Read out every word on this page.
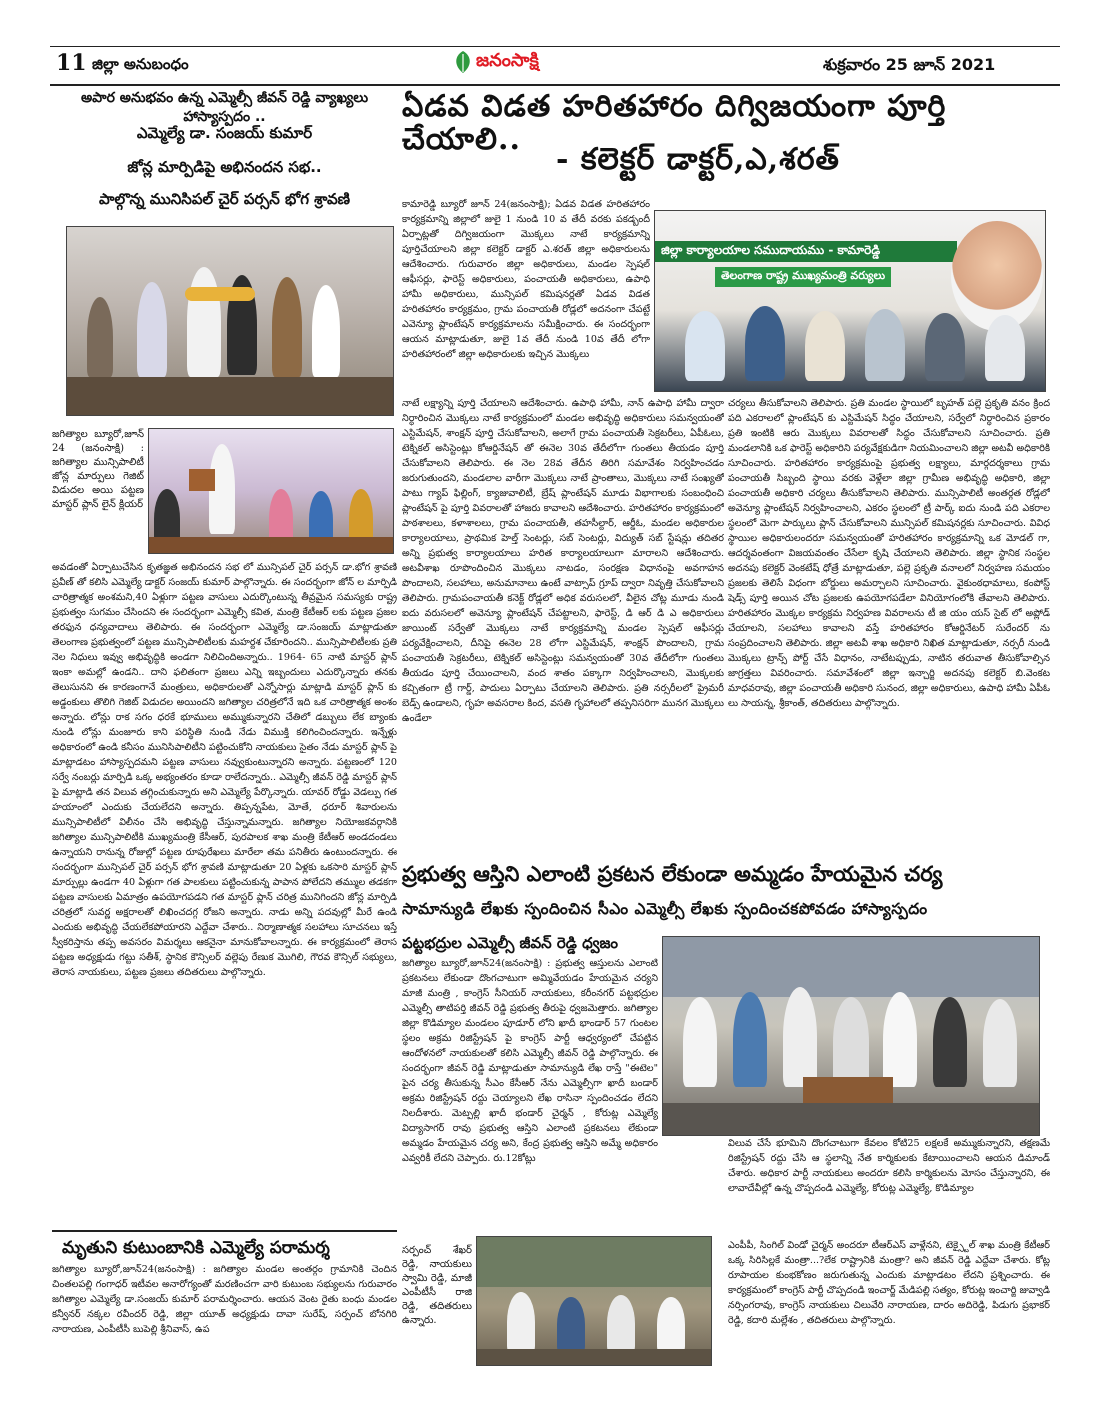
11 జిల్లా అనుబంధం	జనంసాక్షి	శుక్రవారం 25 జూన్ 2021
అపార అనుభవం ఉన్న ఎమ్మెల్సీ జీవన్ రెడ్డి వ్యాఖ్యలు హాస్యాస్పదం ..
ఎమ్మెల్యే డా. సంజయ్ కుమార్
జోన్ల మార్పిడిపై అభినందన సభ..
పాల్గొన్న మునిసిపల్ చైర్ పర్సన్ భోగ శ్రావణి
జగిత్యాల బ్యూరో,జూన్ 24 (జనంసాక్షి) : జగిత్యాల మున్సిపాలిటీ జోన్ల మార్పులు గెజిట్ విడుదల అయి పట్టణ మాస్టర్ ప్లాన్ లైన్ క్లియర్
అవడంతో ఏర్పాటుచేసిన కృతజ్ఞత అభినందన సభ లో మున్సిపల్ చైర్ పర్సన్ డా.భోగ శ్రావణి ప్రవీణ్ తో కలిసి ఎమ్మెల్యే డాక్టర్ సంజయ్ కుమార్ పాల్గొన్నారు. ఈ సందర్భంగా జోన్ ల మార్పిడి చారిత్రాత్మక అంశమని,40 ఏళ్లుగా పట్టణ వాసులు ఎదుర్కొంటున్న తీవ్రమైన సమస్యకు రాష్ట్ర ప్రభుత్వం సుగమం చేసిందని ఈ సందర్భంగా ఎమ్మెల్సీ కవిత, మంత్రి కేటీఆర్ లకు పట్టణ ప్రజల తరఫున ధన్యవాదాలు తెలిపారు. ఈ సందర్భంగా ఎమ్మెల్యే డా.సంజయ్ మాట్లాడుతూ తెలంగాణ ప్రభుత్వంలో పట్టణ మున్సిపాలిటీలకు మహర్దశ చేకూరిందని.. మున్సిపాలిటీలకు ప్రతి నెల నిధులు ఇవ్వు అభివృద్ధికి అండగా నిలిచిందిఅన్నారు.. 1964- 65 నాటి మాస్టర్ ప్లాన్ ఇంకా అమల్లో ఉండని.. దాని ఫలితంగా ప్రజలు ఎన్ని ఇబ్బందులు ఎదుర్కొన్నారు తనకు తెలుసునని ఈ కారణంగానే మంత్రులు, అధికారులతో ఎన్నోసార్లు మాట్లాడి మాస్టర్ ప్లాన్ కు అడ్డంకులు తొలిగి గెజిట్ విడుదల అయిందని జగిత్యాల చరిత్రలోనే ఇది ఒక చారిత్రాత్మక అంశం అన్నారు. లోన్లు రాక సగం ధరకే భూములు అమ్ముకున్నారని చేతిలో డబ్బులు లేక బ్యాంకు నుండి లోన్లు మంజూరు కాని పరిస్థితి నుండి నేడు విముక్తి కలిగించిందన్నారు. ఇన్నేళ్లు అధికారంలో ఉండి కనీసం మునిసిపాలిటీని పట్టించుకోని నాయకులు సైతం నేడు మాస్టర్ ప్లాన్ పై మాట్లాడటం హాస్యాస్పదమని పట్టణ వాసులు నవ్వుకుంటున్నారని అన్నారు. పట్టణంలో 120 సర్వే నంబర్లు మార్పిడి ఒక్క అభ్యంతరం కూడా రాలేదన్నారు.. ఎమ్మెల్సీ జీవన్ రెడ్డి మాస్టర్ ప్లాన్ పై మాట్లాడి తన విలువ తగ్గించుకున్నారు అని ఎమ్మెల్యే పేర్కొన్నారు. యావర్ రోడ్డు వెడల్పు గత హయాంలో ఎందుకు చేయలేదని అన్నారు. తిప్పన్నపేట, మోతే, ధరూర్ శివారులను మున్సిపాలిటీలో విలీనం చేసి అభివృద్ధి చేస్తున్నామన్నారు. జగిత్యాల నియోజకవర్గానికి జగిత్యాల మున్సిపాలిటీకి ముఖ్యమంత్రి కేసీఆర్, పురపాలక శాఖ మంత్రి కేటీఆర్ అండదండలు ఉన్నాయని రానున్న రోజుల్లో పట్టణ రూపురేఖలు మారేలా తమ పనితీరు ఉంటుందన్నారు. ఈ సందర్భంగా మున్సిపల్ చైర్ పర్సన్ భోగ శ్రావణి మాట్లాడుతూ 20 ఏళ్లకు ఒకసారి మాస్టర్ ప్లాన్ మార్పుల్లు ఉండగా 40 ఏళ్లుగా గత పాలకులు పట్టించుకున్న పాపాన పోలేదని తమ్ముల తడకగా పట్టణ వాసులకు ఏమాత్రం ఉపయోగపడని గత మాస్టర్ ప్లాన్ చరిత్ర మునిగిందని జోన్ల మార్పిడి చరిత్రలో సువర్ణ అక్షరాలతో లిఖించదగ్గ రోజని అన్నారు. నాడు అన్ని పదవుల్లో మీరే ఉండి ఎందుకు అభివృద్ధి చేయలేకపోయారని ఎద్దేవా చేశారు.. నిర్మాణాత్మక సలహాలు సూచనలు ఇస్తే స్వీకరిస్తాను తప్ప అవసరం విమర్శలు ఆకనైనా మానుకోవాలన్నారు. ఈ కార్యక్రమంలో తెరాస పట్టణ అధ్యక్షుడు గట్టు సతీశ్, స్థానిక కౌన్సిలర్ వల్లెపు రేణుక మొగిలి, గౌరవ కౌన్సిల్ సభ్యులు, తెరాస నాయకులు, పట్టణ ప్రజలు తదితరులు పాల్గొన్నారు.
ఏడవ విడత హరితహారం దిగ్విజయంగా పూర్తి చేయాలి..
- కలెక్టర్ డాక్టర్,ఎ,శరత్
కామారెడ్డి బ్యూరో జూన్ 24(జనంసాక్షి); ఏడవ విడత హరితహారం కార్యక్రమాన్ని జిల్లాలో జులై 1 నుండి 10 వ తేదీ వరకు పకడ్బందీ ఏర్పాట్లతో దిగ్విజయంగా మొక్కలు నాటే కార్యక్రమాన్ని పూర్తిచేయాలని జిల్లా కలెక్టర్ డాక్టర్ ఎ.శరత్ జిల్లా అధికారులను ఆదేశించారు. గురువారం జిల్లా అధికారులు, మండల స్పెషల్ ఆఫీసర్లు, ఫారెస్ట్ అధికారులు, పంచాయతీ అధికారులు, ఉపాధి హామీ అధికారులు, మున్సిపల్ కమిషనర్లతో ఏడవ విడత హరితహారం కార్యక్రమం, గ్రామ పంచాయతీ రోడ్లలో అదనంగా చేపట్టే ఎవెన్యూ ప్లాంటేషన్ కార్యక్రమాలను సమీక్షించారు. ఈ సందర్భంగా ఆయన మాట్లాడుతూ, జులై 1వ తేదీ నుండి 10వ తేదీ లోగా హరితహారంలో జిల్లా అధికారులకు ఇచ్చిన మొక్కలు
జిల్లా కార్యాలయాల సముదాయము - కామారెడ్డి
తెలంగాణ రాష్ట్ర ముఖ్యమంత్రి వర్యులు
నాటే లక్ష్యాన్ని పూర్తి చేయాలని ఆదేశించారు. ఉపాధి హామీ, నాన్ ఉపాధి హామీ ద్వారా నిర్ధారించిన మొక్కలు నాటే కార్యక్రమంలో మండల అభివృద్ధి అధికారులు సమన్వయంతో ఎస్టిమేషన్, శాంక్షన్ పూర్తి చేసుకోవాలని, అలాగే గ్రామ పంచాయతీ సెక్రటరీలు, ఏపీఓలు, టెక్నికల్ అసిస్టెంట్లు కోఆర్డినేషన్ తో ఈనెల 30వ తేదీలోగా గుంతలు తీయడం పూర్తి చేసుకోవాలని తెలిపారు. ఈ నెల 28వ తేదీన తిరిగి సమావేశం నిర్వహించడం జరుగుతుందని, మండలాల వారీగా మొక్కలు నాటే ప్రాంతాలు, మొక్కలు నాటే సంఖ్యతో పాటు గ్యాప్ ఫిల్లింగ్, క్యాజువాలిటీ, బ్రేష్ ప్లాంటేషన్ మూడు విభాగాలకు సంబంధించి ప్లాంటేషన్ పై పూర్తి వివరాలతో హాజరు కావాలని ఆదేశించారు. హరితహారం కార్యక్రమంలో పాఠశాలలు, కళాశాలలు, గ్రామ పంచాయతీ, తహసీల్దార్, ఆర్డీఓ, మండల అధికారుల కార్యాలయాలు, ప్రాథమిక హెల్త్ సెంటర్లు, సబ్ సెంటర్లు, విద్యుత్ సబ్ స్టేషన్లు తదితర అన్ని ప్రభుత్వ కార్యాలయాలు హరిత కార్యాలయాలుగా మారాలని ఆదేశించారు. అటవీశాఖ రూపొందించిన మొక్కలు నాటడం, సంరక్షణ విధానంపై అవగాహన పొందాలని, సలహాలు, అనుమానాలు ఉంటే వాట్సాప్ గ్రూప్ ద్వారా నివృత్తి చేసుకోవాలని తెలిపారు. గ్రామపంచాయతీ కనెక్ట్ రోడ్లలో అధిక వరుసలలో, వీలైన చోట్ల మూడు నుండి ఐదు వరుసలలో అవెన్యూ ప్లాంటేషన్ చేపట్టాలని, ఫారెస్ట్, డి ఆర్ డి ఎ అధికారులు జాయింట్ సర్వేతో మొక్కలు నాటే కార్యక్రమాన్ని మండల స్పెషల్ ఆఫీసర్లు పర్యవేక్షించాలని, దీనిపై ఈనెల 28 లోగా ఎస్టిమేషన్, శాంక్షన్ పొందాలని, గ్రామ పంచాయతీ సెక్రటరీలు, టెక్నికల్ అసిస్టెంట్లు సమన్వయంతో 30వ తేదీలోగా గుంతలు తీయడం పూర్తి చేయించాలని, వంద శాతం పక్కాగా నిర్వహించాలని, మొక్కలకు కచ్చితంగా ట్రీ గార్డ్, పాదులు ఏర్పాటు చేయాలని తెలిపారు. ప్రతి నర్సరీలలో ప్రైమరీ బెడ్స్ ఉండాలని, గృహ అవసరాల కింద, వసతి గృహాలలో తప్పనిసరిగా మునగ మొక్కలు ఉండేలా
చర్యలు తీసుకోవాలని తెలిపారు. ప్రతి మండల స్థాయిలో బృహత్ పల్లె ప్రకృతి వనం క్రింద పది ఎకరాలలో ప్లాంటేషన్ కు ఎస్టిమేషన్ సిద్ధం చేయాలని, సర్వేలో నిర్ధారించిన ప్రకారం ప్రతి ఇంటికి ఆరు మొక్కలు వివరాలతో సిద్ధం చేసుకోవాలని సూచించారు. ప్రతి మండలానికి ఒక ఫారెస్ట్ అధికారిని పర్యవేక్షకుడిగా నియమించాలని జిల్లా అటవీ అధికారికి సూచించారు. హరితహారం కార్యక్రమంపై ప్రభుత్వ లక్ష్యాలు, మార్గదర్శకాలు గ్రామ పంచాయతీ సిబ్బంది స్థాయి వరకు వెళ్లేలా జిల్లా గ్రామీణ అభివృద్ధి అధికారి, జిల్లా పంచాయతీ అధికారి చర్యలు తీసుకోవాలని తెలిపారు. మున్సిపాలిటీ అంతర్గత రోడ్లలో అవెన్యూ ప్లాంటేషన్ నిర్వహించాలని, ఎకరం స్థలంలో ట్రీ పార్క్ ఐదు నుండి పది ఎకరాల స్థలంలో మెగా పార్కులు ప్లాన్ చేసుకోవాలని మున్సిపల్ కమిషనర్లకు సూచించారు. వివిధ స్థాయిల అధికారులందరూ సమన్వయంతో హరితహారం కార్యక్రమాన్ని ఒక మోడల్ గా, ఆదర్శవంతంగా విజయవంతం చేసేలా కృషి చేయాలని తెలిపారు. జిల్లా స్థానిక సంస్థల అదనపు కలెక్టర్ వెంకటేష్ ధోత్రే మాట్లాడుతూ, పల్లె ప్రకృతి వనాలలో నిర్వహణ సమయం ప్రజలకు తెలిసే విధంగా బోర్డులు అమర్చాలని సూచించారు. వైకుంఠధామాలు, కంపోస్ట్ షెడ్స్ పూర్తి అయిన చోట ప్రజలకు ఉపయోగపడేలా వినియోగంలోకి తేవాలని తెలిపారు. హరితహారం మొక్కల కార్యక్రమ నిర్వహణ వివరాలను టీ జి యం యస్ సైట్ లో అప్లోడ్ చేయాలని, సలహాలు కావాలని వస్తే హరితహారం కోఆర్డినేటర్ సురేందర్ ను సంప్రదించాలని తెలిపారు. జిల్లా అటవీ శాఖ అధికారి నిఖిత మాట్లాడుతూ, నర్సరీ నుండి మొక్కలు ట్రాన్స్ పోర్ట్ చేసే విధానం, నాటేటప్పుడు, నాటిన తరువాత తీసుకోవాల్సిన జాగ్రత్తలు వివరించారు. సమావేశంలో జిల్లా ఇన్చార్జి అదనపు కలెక్టర్ బి.వెంకట మాధవరావు, జిల్లా పంచాయతీ అధికారి సునంద, జిల్లా అధికారులు, ఉపాధి హామీ ఏపీఓ లు సాయన్న, శ్రీకాంత్, తదితరులు పాల్గొన్నారు.
ప్రభుత్వ ఆస్తిని ఎలాంటి ప్రకటన లేకుండా అమ్మడం హేయమైన చర్య
సామాన్యుడి లేఖకు స్పందించిన సీఎం ఎమ్మెల్సీ లేఖకు స్పందించకపోవడం హాస్యాస్పదం
పట్టభద్రుల ఎమ్మెల్సీ జీవన్ రెడ్డి ధ్వజం
జగిత్యాల బ్యూరో,జూన్24(జనంసాక్షి) : ప్రభుత్వ ఆస్తులను ఎలాంటి ప్రకటనలు లేకుండా దొంగచాటుగా అమ్మివేయడం హేయమైన చర్యని మాజీ మంత్రి , కాంగ్రెస్ సీనియర్ నాయకులు, కరీంనగర్ పట్టభద్రుల ఎమ్మెల్సీ తాటిపర్తి జీవన్ రెడ్డి ప్రభుత్వ తీరుపై ధ్వజమెత్తారు. జగిత్యాల జిల్లా కొడిమ్యాల మండలం పూడూర్ లోని ఖాదీ భాండార్ 57 గుంటల స్థలం అక్రమ రిజిస్ట్రేషన్ పై కాంగ్రెస్ పార్టీ ఆధ్వర్యంలో చేపట్టిన ఆందోళనలో నాయకులతో కలిసి ఎమ్మెల్సీ జీవన్ రెడ్డి పాల్గొన్నారు. ఈ సందర్భంగా జీవన్ రెడ్డి మాట్లాడుతూ సామాన్యుడి లేఖ రాస్తే "ఈటెల" పైన చర్య తీసుకున్న సీఎం కేసీఆర్ నేను ఎమ్మెల్సీగా ఖాదీ బండార్ అక్రమ రిజిస్ట్రేషన్ రద్దు చెయ్యాలని లేఖ రాసినా స్పందించడం లేదని నిలదీశారు. మెట్పల్లి ఖాదీ భండార్ చైర్మన్ , కోరుట్ల ఎమ్మెల్యే విద్యాసాగర్ రావు ప్రభుత్వ ఆస్తిని ఎలాంటి ప్రకటనలు లేకుండా అమ్మడం హేయమైన చర్య అని, కేంద్ర ప్రభుత్వ ఆస్తిని అమ్మే అధికారం ఎవ్వరికీ లేదని చెప్పారు. రు.12కోట్లు
విలువ చేసే భూమిని దొంగచాటుగా కేవలం కోటి25 లక్షలకే అమ్ముకున్నారని, తక్షణమే రిజిస్ట్రేషన్ రద్దు చేసి ఆ స్థలాన్ని నేత కార్మికులకు కేటాయించాలని ఆయన డిమాండ్ చేశారు. అధికార పార్టీ నాయకులు అందరూ కలిసి కార్మికులను మోసం చేస్తున్నారని, ఈ లావాదేవీల్లో ఉన్న చొప్పదండి ఎమ్మెల్యే, కోరుట్ల ఎమ్మెల్యే, కొడిమ్యాల
ఎంపీపీ, సింగిల్ విండో చైర్మన్ అందరూ టీఆర్ఎస్ వాళ్లేనని, టెక్స్టైల్ శాఖ మంత్రి కేటీఆర్ ఒక్క సిరిసిల్లకే మంత్రా...?లేక రాష్ట్రానికి మంత్రా? అని జీవన్ రెడ్డి ఎద్దేవా చేశారు. కోట్ల రూపాయల కుంభకోణం జరుగుతున్న ఎందుకు మాట్లాడటం లేదని ప్రశ్నించారు. ఈ కార్యక్రమంలో కాంగ్రెస్ పార్టీ చొప్పదండి ఇంచార్జ్ మేడిపల్లి సత్యం, కోరుట్ల ఇంచార్జి జువ్వాడి నర్సింగరావు, కాంగ్రెస్ నాయకులు చిలువేరి నారాయణ, దారం అదిరెడ్డి, పిడుగు ప్రభాకర్ రెడ్డి, కదారి మల్లేశం , తదితరులు పాల్గొన్నారు.
మృతుని కుటుంబానికి ఎమ్మెల్యే పరామర్శ
జగిత్యాల బ్యూరో,జూన్24(జనంసాక్షి) : జగిత్యాల మండల అంతర్గం గ్రామానికి చెందిన చింతలపల్లి గంగాధర్ ఇటీవల అనారోగ్యంతో మరణించగా వారి కుటుంబ సభ్యులను గురువారం జగిత్యాల ఎమ్మెల్యే డా.సంజయ్ కుమార్ పరామర్శించారు. ఆయన వెంట రైతు బంధు మండల కన్వీనర్ నక్కల రవీందర్ రెడ్డి, జిల్లా యూత్ అధ్యక్షుడు దావా సురేష్, సర్పంచ్ బోనగిరి నారాయణ, ఎంపీటీసీ బుపెల్లి శ్రీనివాస్, ఉప
సర్పంచ్ శేఖర్ రెడ్డి, నాయకులు స్వామి రెడ్డి, మాజీ ఎంపీటీసీ రాజి రెడ్డి, తదితరులు ఉన్నారు.
